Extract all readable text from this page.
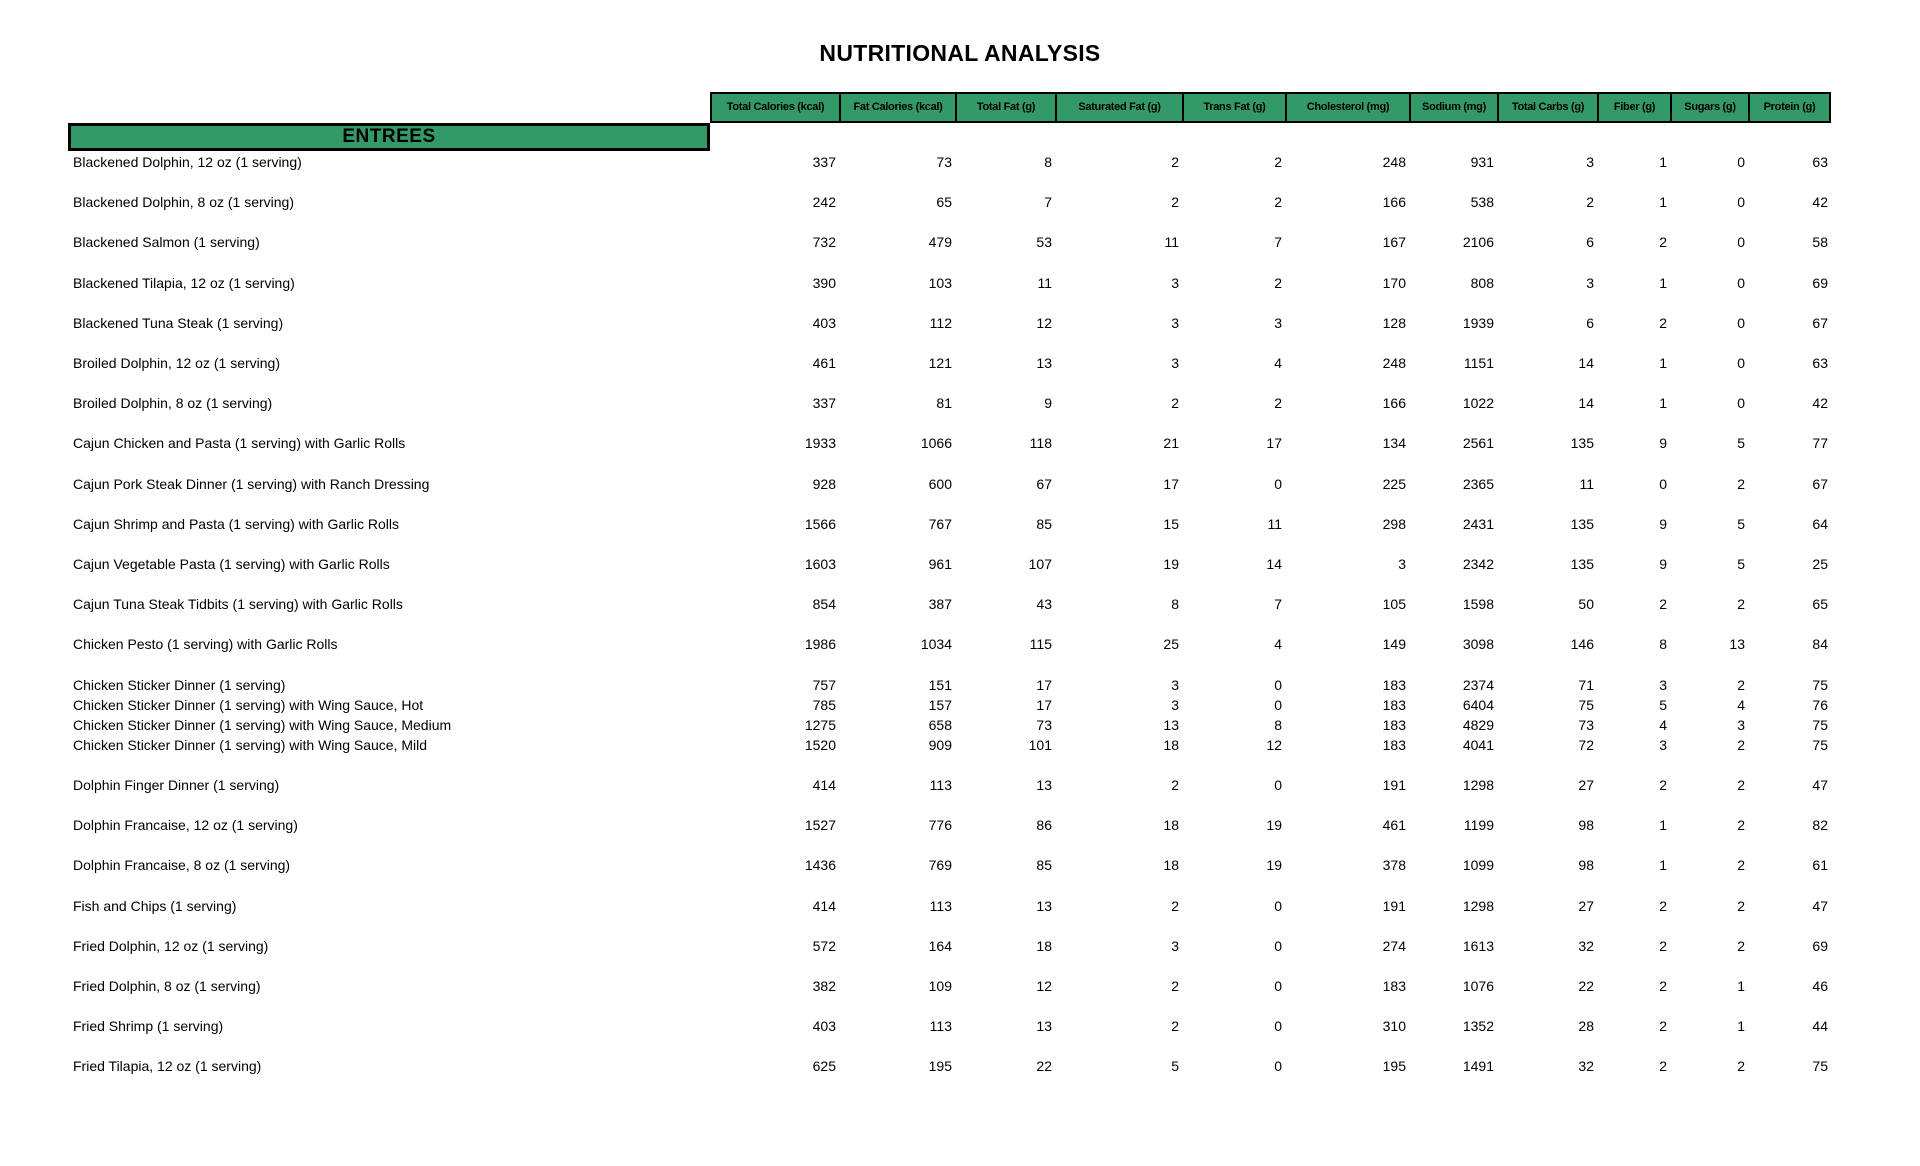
NUTRITIONAL ANALYSIS
Total Calories (kcal)	Fat Calories (kcal)	Total Fat (g)	Saturated Fat (g)	Trans Fat (g)	Cholesterol (mg)	Sodium (mg)	Total Carbs (g)	Fiber (g)	Sugars (g)	Protein (g)
ENTREES
Blackened Dolphin, 12 oz (1 serving)	337	73	8	2	2	248	931	3	1	0	63
Blackened Dolphin, 8 oz (1 serving)	242	65	7	2	2	166	538	2	1	0	42
Blackened Salmon (1 serving)	732	479	53	11	7	167	2106	6	2	0	58
Blackened Tilapia, 12 oz (1 serving)	390	103	11	3	2	170	808	3	1	0	69
Blackened Tuna Steak (1 serving)	403	112	12	3	3	128	1939	6	2	0	67
Broiled Dolphin, 12 oz (1 serving)	461	121	13	3	4	248	1151	14	1	0	63
Broiled Dolphin, 8 oz (1 serving)	337	81	9	2	2	166	1022	14	1	0	42
Cajun Chicken and Pasta (1 serving) with Garlic Rolls	1933	1066	118	21	17	134	2561	135	9	5	77
Cajun Pork Steak Dinner (1 serving) with Ranch Dressing	928	600	67	17	0	225	2365	11	0	2	67
Cajun Shrimp and Pasta (1 serving) with Garlic Rolls	1566	767	85	15	11	298	2431	135	9	5	64
Cajun Vegetable Pasta (1 serving) with Garlic Rolls	1603	961	107	19	14	3	2342	135	9	5	25
Cajun Tuna Steak Tidbits (1 serving) with Garlic Rolls	854	387	43	8	7	105	1598	50	2	2	65
Chicken Pesto (1 serving) with Garlic Rolls	1986	1034	115	25	4	149	3098	146	8	13	84
Chicken Sticker Dinner (1 serving)	757	151	17	3	0	183	2374	71	3	2	75
Chicken Sticker Dinner (1 serving) with Wing Sauce, Hot	785	157	17	3	0	183	6404	75	5	4	76
Chicken Sticker Dinner (1 serving) with Wing Sauce, Medium	1275	658	73	13	8	183	4829	73	4	3	75
Chicken Sticker Dinner (1 serving) with Wing Sauce, Mild	1520	909	101	18	12	183	4041	72	3	2	75
Dolphin Finger Dinner (1 serving)	414	113	13	2	0	191	1298	27	2	2	47
Dolphin Francaise, 12 oz (1 serving)	1527	776	86	18	19	461	1199	98	1	2	82
Dolphin Francaise, 8 oz (1 serving)	1436	769	85	18	19	378	1099	98	1	2	61
Fish and Chips (1 serving)	414	113	13	2	0	191	1298	27	2	2	47
Fried Dolphin, 12 oz (1 serving)	572	164	18	3	0	274	1613	32	2	2	69
Fried Dolphin, 8 oz (1 serving)	382	109	12	2	0	183	1076	22	2	1	46
Fried Shrimp (1 serving)	403	113	13	2	0	310	1352	28	2	1	44
Fried Tilapia, 12 oz (1 serving)	625	195	22	5	0	195	1491	32	2	2	75
